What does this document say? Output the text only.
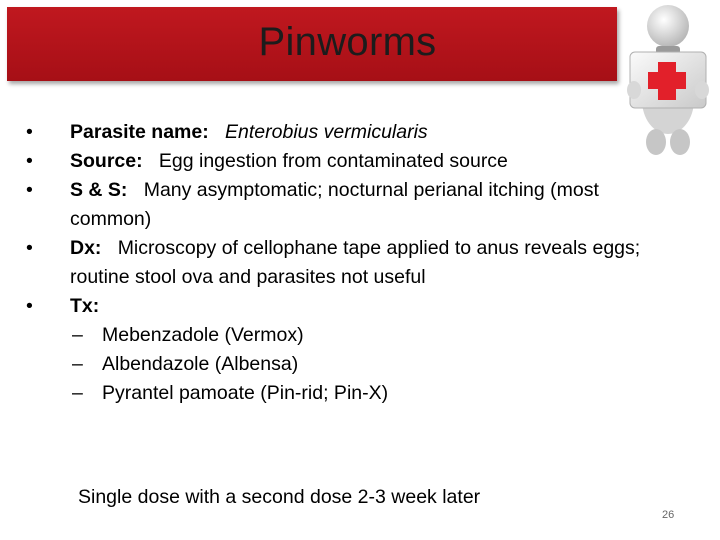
Pinworms
•	Parasite name: Enterobius vermicularis
•	Source: Egg ingestion from contaminated source
•	S & S: Many asymptomatic; nocturnal perianal itching (most common)
•	Dx: Microscopy of cellophane tape applied to anus reveals eggs; routine stool ova and parasites not useful
•	Tx:
– Mebenzadole (Vermox)
– Albendazole (Albensa)
– Pyrantel pamoate (Pin-rid; Pin-X)
Single dose with a second dose 2-3 week later
26
